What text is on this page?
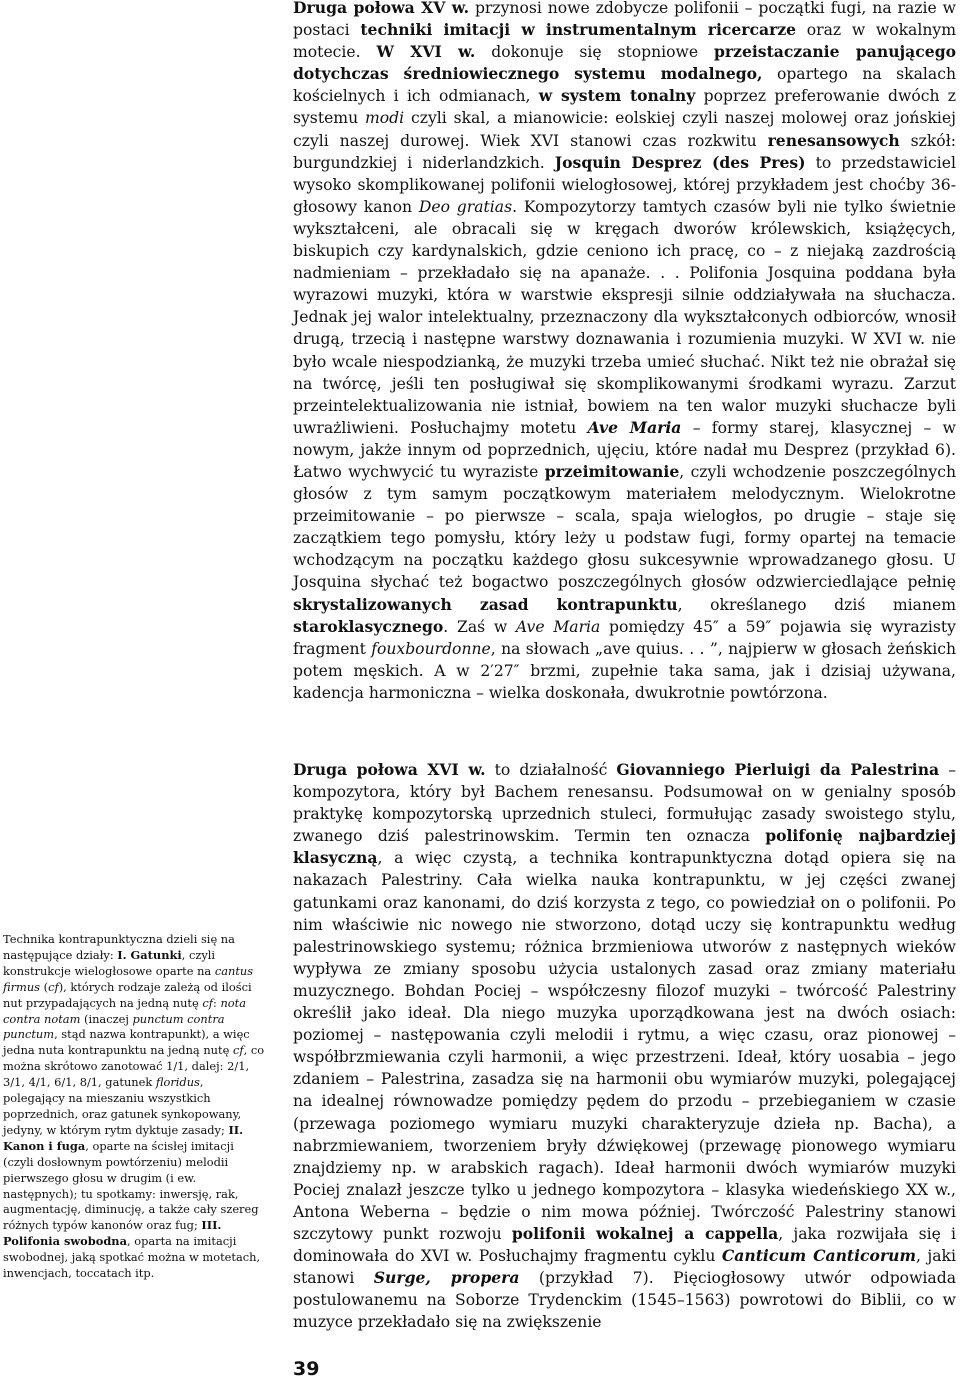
Druga połowa XV w. przynosi nowe zdobycze polifonii – początki fugi, na razie w postaci techniki imitacji w instrumentalnym ricercarze oraz w wokalnym motecie. W XVI w. dokonuje się stopniowe przeistaczanie panującego dotychczas średniowiecznego systemu modalnego, opartego na skalach kościelnych i ich odmianach, w system tonalny poprzez preferowanie dwóch z systemu modi czyli skal, a mianowicie: eolskiej czyli naszej molowej oraz jońskiej czyli naszej durowej. Wiek XVI stanowi czas rozkwitu renesansowych szkół: burgundzkiej i niderlandzkich. Josquin Desprez (des Pres) to przedstawiciel wysoko skomplikowanej polifonii wielogłosowej, której przykładem jest choćby 36-głosowy kanon Deo gratias. Kompozytorzy tamtych czasów byli nie tylko świetnie wykształceni, ale obracali się w kręgach dworów królewskich, książęcych, biskupich czy kardynalskich, gdzie ceniono ich pracę, co – z niejaką zazdrością nadmieniam – przekładało się na apanaże. . . Polifonia Josquina poddana była wyrazowi muzyki, która w warstwie ekspresji silnie oddziaływała na słuchacza. Jednak jej walor intelektualny, przeznaczony dla wykształconych odbiorców, wnosił drugą, trzecią i następne warstwy doznawania i rozumienia muzyki. W XVI w. nie było wcale niespodzianką, że muzyki trzeba umieć słuchać. Nikt też nie obrażał się na twórcę, jeśli ten posługiwał się skomplikowanymi środkami wyrazu. Zarzut przeintelektualizowania nie istniał, bowiem na ten walor muzyki słuchacze byli uwrażliwieni. Posłuchajmy motetu Ave Maria – formy starej, klasycznej – w nowym, jakże innym od poprzednich, ujęciu, które nadał mu Desprez (przykład 6). Łatwo wychwycić tu wyraziste przeimitowanie, czyli wchodzenie poszczególnych głosów z tym samym początkowym materiałem melodycznym. Wielokrotne przeimitowanie – po pierwsze – scala, spaja wielogłos, po drugie – staje się zaczątkiem tego pomysłu, który leży u podstaw fugi, formy opartej na temacie wchodzącym na początku każdego głosu sukcesywnie wprowadzanego głosu. U Josquina słychać też bogactwo poszczególnych głosów odzwierciedlające pełnię skrystalizowanych zasad kontrapunktu, określanego dziś mianem staroklasycznego. Zaś w Ave Maria pomiędzy 45″ a 59″ pojawia się wyrazisty fragment fouxbourdonne, na słowach „ave quius. . . ”, najpierw w głosach żeńskich potem męskich. A w 2′27″ brzmi, zupełnie taka sama, jak i dzisiaj używana, kadencja harmoniczna – wielka doskonała, dwukrotnie powtórzona.

Druga połowa XVI w. to działalność Giovanniego Pierluigi da Palestrina – kompozytora, który był Bachem renesansu. Podsumował on w genialny sposób praktykę kompozytorską uprzednich stuleci, formułując zasady swoistego stylu, zwanego dziś palestrinowskim. Termin ten oznacza polifonię najbardziej klasyczną, a więc czystą, a technika kontrapunktyczna dotąd opiera się na nakazach Palestriny. Cała wielka nauka kontrapunktu, w jej części zwanej gatunkami oraz kanonami, do dziś korzysta z tego, co powiedział on o polifonii. Po nim właściwie nic nowego nie stworzono, dotąd uczy się kontrapunktu według palestrinowskiego systemu; różnica brzmieniowa utworów z następnych wieków wypływa ze zmiany sposobu użycia ustalonych zasad oraz zmiany materiału muzycznego. Bohdan Pociej – współczesny filozof muzyki – twórcość Palestriny określił jako ideał. Dla niego muzyka uporządkowana jest na dwóch osiach: poziomej – następowania czyli melodii i rytmu, a więc czasu, oraz pionowej – współbrzmiewania czyli harmonii, a więc przestrzeni. Ideał, który uosabia – jego zdaniem – Palestrina, zasadza się na harmonii obu wymiarów muzyki, polegającej na idealnej równowadze pomiędzy pędem do przodu – przebieganiem w czasie (przewaga poziomego wymiaru muzyki charakteryzuje dzieła np. Bacha), a nabrzmiewaniem, tworzeniem bryły dźwiękowej (przewagę pionowego wymiaru znajdziemy np. w arabskich ragach). Ideał harmonii dwóch wymiarów muzyki Pociej znalazł jeszcze tylko u jednego kompozytora – klasyka wiedeńskiego XX w., Antona Weberna – będzie o nim mowa później. Twórczość Palestriny stanowi szczytowy punkt rozwoju polifonii wokalnej a cappella, jaka rozwijała się i dominowała do XVI w. Posłuchajmy fragmentu cyklu Canticum Canticorum, jaki stanowi Surge, propera (przykład 7). Pięciogłosowy utwór odpowiada postulowanemu na Soborze Trydenckim (1545–1563) powrotowi do Biblii, co w muzyce przekładało się na zwiększenie

Technika kontrapunktyczna dzieli się na następujące działy: I. Gatunki, czyli konstrukcje wielogłosowe oparte na cantus firmus (cf), których rodzaje zależą od ilości nut przypadających na jedną nutę cf: nota contra notam (inaczej punctum contra punctum, stąd nazwa kontrapunkt), a więc jedna nuta kontrapunktu na jedną nutę cf, co można skrótowo zanotować 1/1, dalej: 2/1, 3/1, 4/1, 6/1, 8/1, gatunek floridus, polegający na mieszaniu wszystkich poprzednich, oraz gatunek synkopowany, jedyny, w którym rytm dyktuje zasady; II. Kanon i fuga, oparte na ścisłej imitacji (czyli dosłownym powtórzeniu) melodii pierwszego głosu w drugim (i ew. następnych); tu spotkamy: inwersję, rak, augmentację, diminucję, a także cały szereg różnych typów kanonów oraz fug; III. Polifonia swobodna, oparta na imitacji swobodnej, jaką spotkać można w motetach, inwencjach, toccatach itp.

39
